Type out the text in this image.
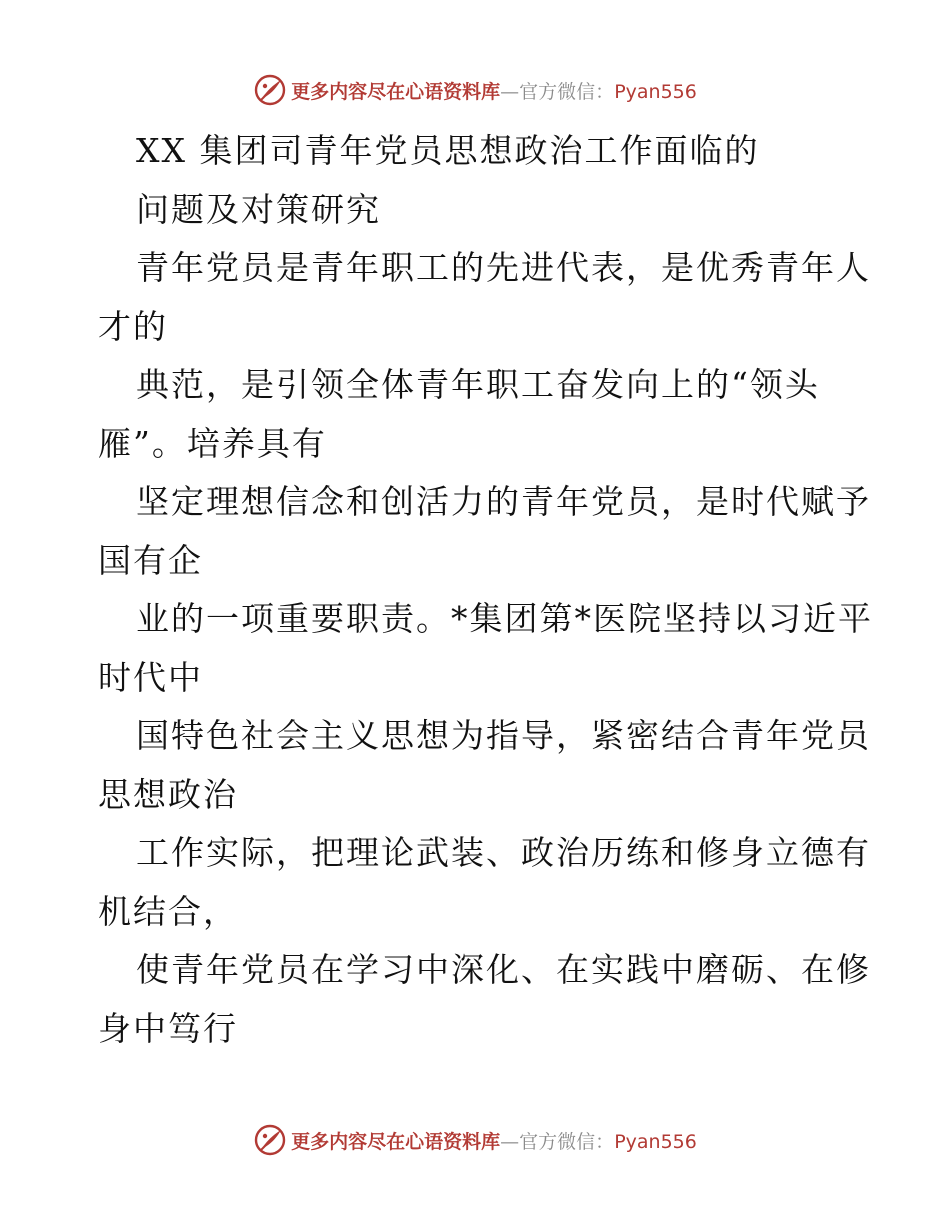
更多内容尽在心语资料库—官方微信：Pyan556
XX 集团司青年党员思想政治工作面临的
问题及对策研究
青年党员是青年职工的先进代表，是优秀青年人
才的
典范，是引领全体青年职工奋发向上的“领头
雁”。培养具有
坚定理想信念和创活力的青年党员，是时代赋予
国有企
业的一项重要职责。*集团第*医院坚持以习近平
时代中
国特色社会主义思想为指导，紧密结合青年党员
思想政治
工作实际，把理论武装、政治历练和修身立德有
机结合，
使青年党员在学习中深化、在实践中磨砺、在修
身中笃行
更多内容尽在心语资料库—官方微信：Pyan556
